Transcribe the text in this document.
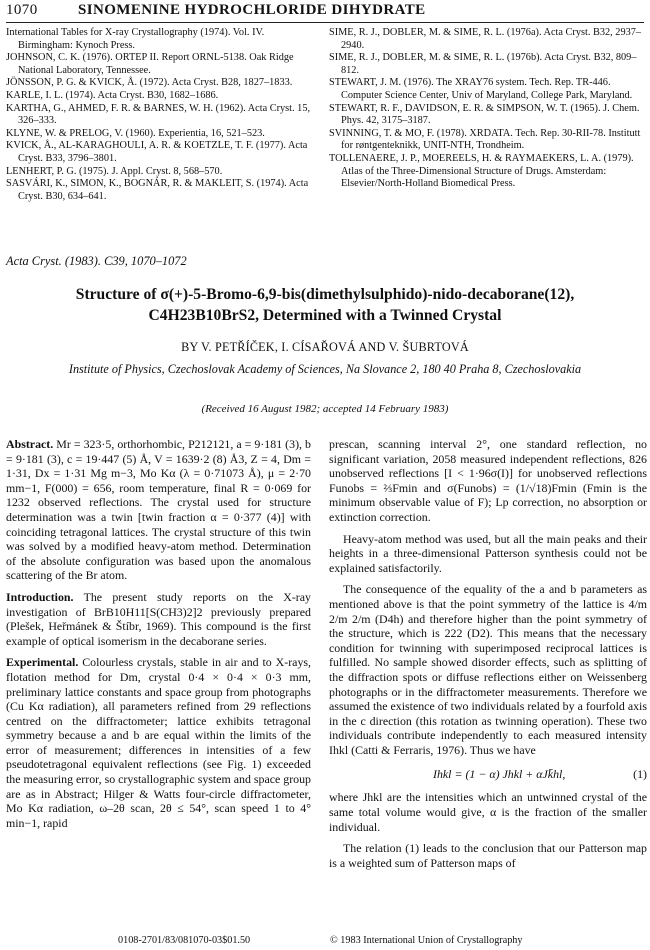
1070	SINOMENINE HYDROCHLORIDE DIHYDRATE

International Tables for X-ray Crystallography (1974). Vol. IV. Birmingham: Kynoch Press.

JOHNSON, C. K. (1976). ORTEP II. Report ORNL-5138. Oak Ridge National Laboratory, Tennessee.

JÖNSSON, P. G. & KVICK, Å. (1972). Acta Cryst. B28, 1827–1833.

KARLE, I. L. (1974). Acta Cryst. B30, 1682–1686.

KARTHA, G., AHMED, F. R. & BARNES, W. H. (1962). Acta Cryst. 15, 326–333.

KLYNE, W. & PRELOG, V. (1960). Experientia, 16, 521–523.

KVICK, Å., AL-KARAGHOULI, A. R. & KOETZLE, T. F. (1977). Acta Cryst. B33, 3796–3801.

LENHERT, P. G. (1975). J. Appl. Cryst. 8, 568–570.

SASVÁRI, K., SIMON, K., BOGNÁR, R. & MAKLEIT, S. (1974). Acta Cryst. B30, 634–641.

SIME, R. J., DOBLER, M. & SIME, R. L. (1976a). Acta Cryst. B32, 2937–2940.

SIME, R. J., DOBLER, M. & SIME, R. L. (1976b). Acta Cryst. B32, 809–812.

STEWART, J. M. (1976). The XRAY76 system. Tech. Rep. TR-446. Computer Science Center, Univ of Maryland, College Park, Maryland.

STEWART, R. F., DAVIDSON, E. R. & SIMPSON, W. T. (1965). J. Chem. Phys. 42, 3175–3187.

SVINNING, T. & MO, F. (1978). XRDATA. Tech. Rep. 30-RII-78. Institutt for røntgenteknikk, UNIT-NTH, Trondheim.

TOLLENAERE, J. P., MOEREELS, H. & RAYMAEKERS, L. A. (1979). Atlas of the Three-Dimensional Structure of Drugs. Amsterdam: Elsevier/North-Holland Biomedical Press.

Acta Cryst. (1983). C39, 1070–1072
Structure of σ(+)-5-Bromo-6,9-bis(dimethylsulphido)-nido-decaborane(12),
C4H23B10BrS2, Determined with a Twinned Crystal
BY V. PETŘÍČEK, I. CÍSAŘOVÁ AND V. ŠUBRTOVÁ
Institute of Physics, Czechoslovak Academy of Sciences, Na Slovance 2, 180 40 Praha 8, Czechoslovakia
(Received 16 August 1982; accepted 14 February 1983)

Abstract. Mr = 323·5, orthorhombic, P212121, a = 9·181 (3), b = 9·181 (3), c = 19·447 (5) Å, V = 1639·2 (8) Å3, Z = 4, Dm = 1·31, Dx = 1·31 Mg m−3, Mo Kα (λ = 0·71073 Å), μ = 2·70 mm−1, F(000) = 656, room temperature, final R = 0·069 for 1232 observed reflections. The crystal used for structure determination was a twin [twin fraction α = 0·377 (4)] with coinciding tetragonal lattices. The crystal structure of this twin was solved by a modified heavy-atom method. Determination of the absolute configuration was based upon the anomalous scattering of the Br atom.

Introduction. The present study reports on the X-ray investigation of BrB10H11[S(CH3)2]2 previously prepared (Plešek, Heřmánek & Štíbr, 1969). This compound is the first example of optical isomerism in the decaborane series.

Experimental. Colourless crystals, stable in air and to X-rays, flotation method for Dm, crystal 0·4 × 0·4 × 0·3 mm, preliminary lattice constants and space group from photographs (Cu Kα radiation), all parameters refined from 29 reflections centred on the diffractometer; lattice exhibits tetragonal symmetry because a and b are equal within the limits of the error of measurement; differences in intensities of a few pseudotetragonal equivalent reflections (see Fig. 1) exceeded the measuring error, so crystallographic system and space group are as in Abstract; Hilger & Watts four-circle diffractometer, Mo Kα radiation, ω–2θ scan, 2θ ≤ 54°, scan speed 1 to 4° min−1, rapid

prescan, scanning interval 2°, one standard reflection, no significant variation, 2058 measured independent reflections, 826 unobserved reflections [I < 1·96σ(I)] for unobserved reflections Funobs = ⅔Fmin and σ(Funobs) = (1/√18)Fmin (Fmin is the minimum observable value of F); Lp correction, no absorption or extinction correction.

Heavy-atom method was used, but all the main peaks and their heights in a three-dimensional Patterson synthesis could not be explained satisfactorily.

The consequence of the equality of the a and b parameters as mentioned above is that the point symmetry of the lattice is 4/m 2/m 2/m (D4h) and therefore higher than the point symmetry of the structure, which is 222 (D2). This means that the necessary condition for twinning with superimposed reciprocal lattices is fulfilled. No sample showed disorder effects, such as splitting of the diffraction spots or diffuse reflections either on Weissenberg photographs or in the diffractometer measurements. Therefore we assumed the existence of two individuals related by a fourfold axis in the c direction (this rotation as twinning operation). These two individuals contribute independently to each measured intensity Ihkl (Catti & Ferraris, 1976). Thus we have

Ihkl = (1 − α) Jhkl + αJk̄hl,	(1)

where Jhkl are the intensities which an untwinned crystal of the same total volume would give, α is the fraction of the smaller individual.

The relation (1) leads to the conclusion that our Patterson map is a weighted sum of Patterson maps of

0108-2701/83/081070-03$01.50	© 1983 International Union of Crystallography
